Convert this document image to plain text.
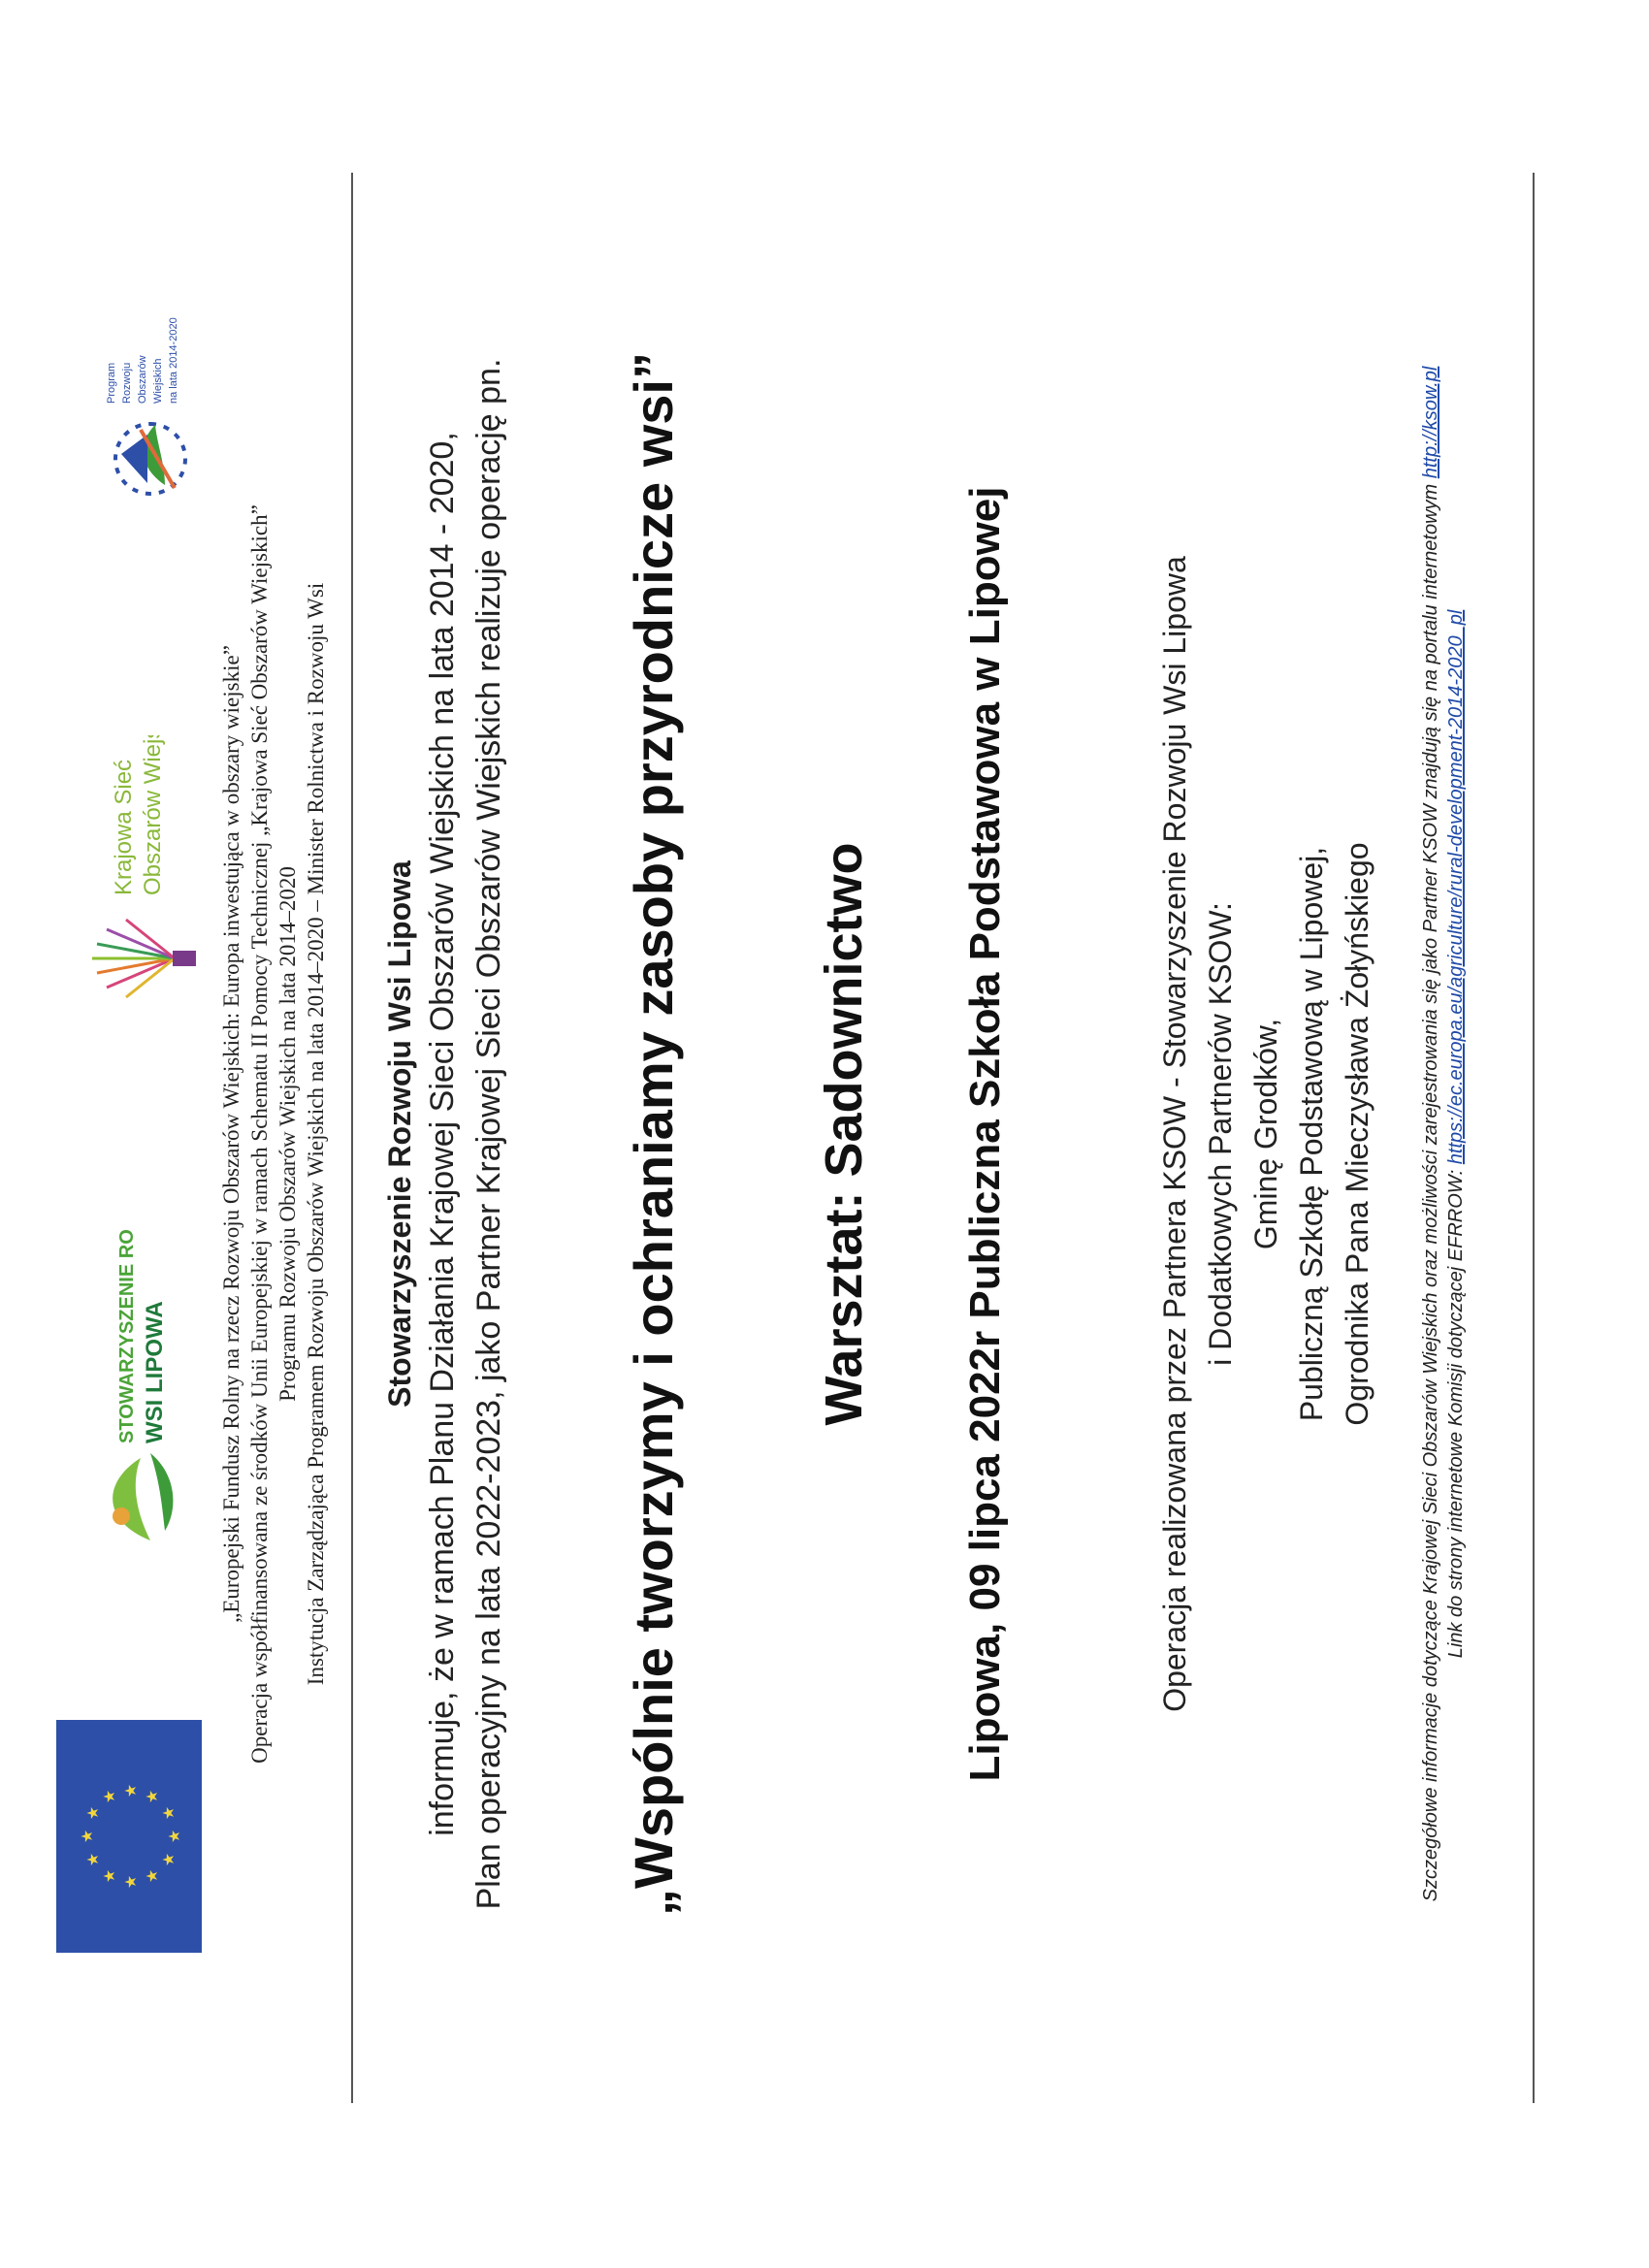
★
★
★ ★ ★
★
★
★
★
★
★
★
STOWARZYSZENIE ROZWOJU WSI LIPOWA
Krajowa Sieć Obszarów Wiejskich
Program Rozwoju Obszarów Wiejskich na lata 2014-2020
„Europejski Fundusz Rolny na rzecz Rozwoju Obszarów Wiejskich: Europa inwestująca w obszary wiejskie” Operacja współfinansowana ze środków Unii Europejskiej w ramach Schematu II Pomocy Technicznej „Krajowa Sieć Obszarów Wiejskich” Programu Rozwoju Obszarów Wiejskich na lata 2014–2020 Instytucja Zarządzająca Programem Rozwoju Obszarów Wiejskich na lata 2014–2020 – Minister Rolnictwa i Rozwoju Wsi Stowarzyszenie Rozwoju Wsi Lipowa informuje, że w ramach Planu Działania Krajowej Sieci Obszarów Wiejskich na lata 2014 - 2020, Plan operacyjny na lata 2022-2023, jako Partner Krajowej Sieci Obszarów Wiejskich realizuje operację pn. „Wspólnie tworzymy i ochraniamy zasoby przyrodnicze wsi”	Warsztat: Sadownictwo Lipowa, 09 lipca 2022r Publiczna Szkoła Podstawowa w Lipowej	Operacja realizowana przez Partnera KSOW - Stowarzyszenie Rozwoju Wsi Lipowa i Dodatkowych Partnerów KSOW: Gminę Grodków, Publiczną Szkołę Podstawową w Lipowej, Ogrodnika Pana Mieczysława Żołyńskiego	Szczegółowe informacje dotyczące Krajowej Sieci Obszarów Wiejskich oraz możliwości zarejestrowania się jako Partner KSOW znajdują się na portalu internetowym http://ksow.pl
Link do strony internetowe Komisji dotyczącej EFRROW: https://ec.europa.eu/agriculture/rural-development-2014-2020_pl
